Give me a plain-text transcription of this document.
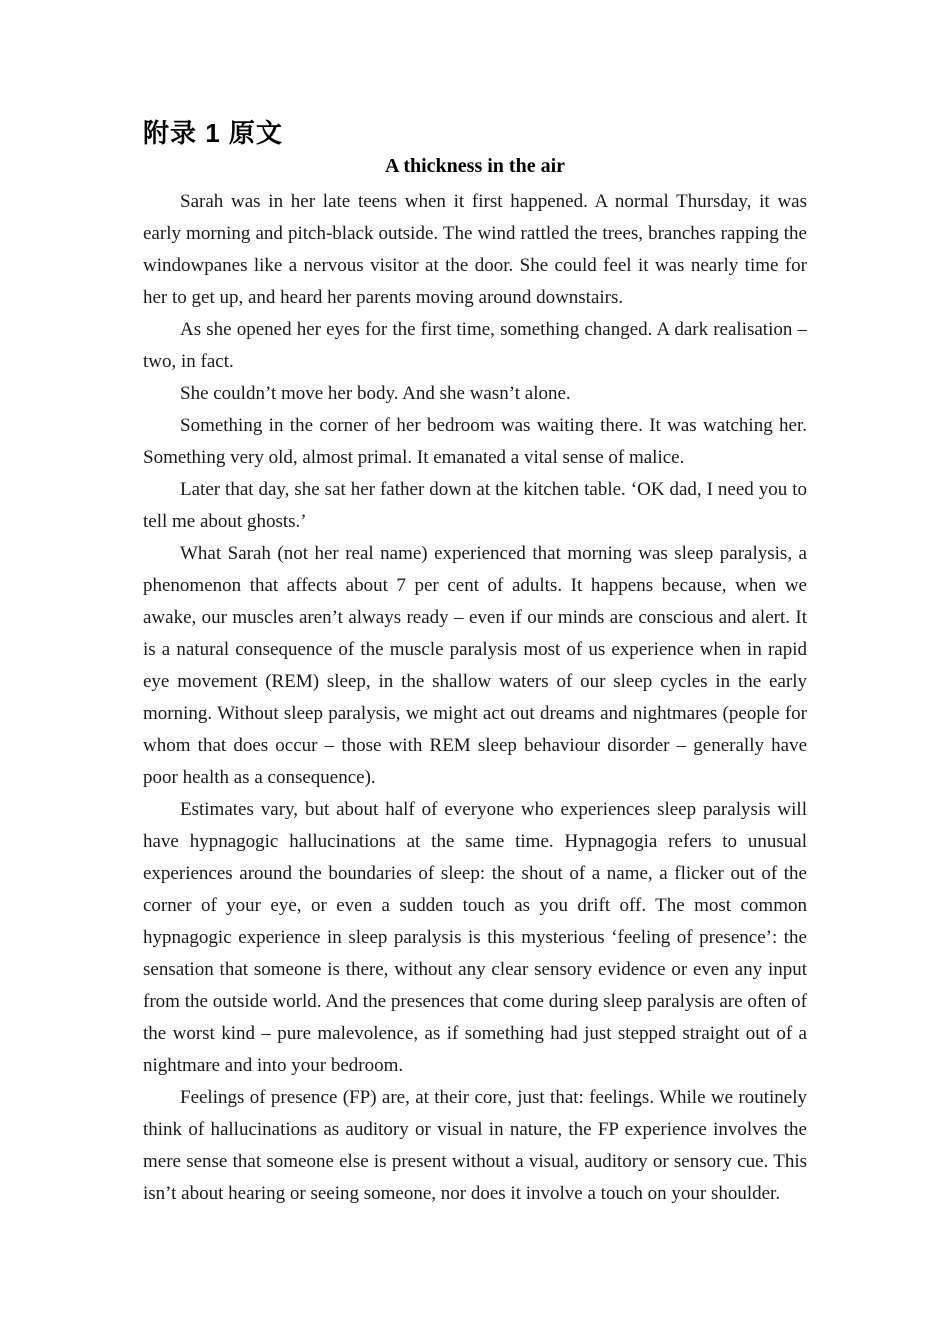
附录 1 原文
A thickness in the air

Sarah was in her late teens when it first happened. A normal Thursday, it was early morning and pitch-black outside. The wind rattled the trees, branches rapping the windowpanes like a nervous visitor at the door. She could feel it was nearly time for her to get up, and heard her parents moving around downstairs.

As she opened her eyes for the first time, something changed. A dark realisation – two, in fact.

She couldn’t move her body. And she wasn’t alone.

Something in the corner of her bedroom was waiting there. It was watching her. Something very old, almost primal. It emanated a vital sense of malice.

Later that day, she sat her father down at the kitchen table. ‘OK dad, I need you to tell me about ghosts.’

What Sarah (not her real name) experienced that morning was sleep paralysis, a phenomenon that affects about 7 per cent of adults. It happens because, when we awake, our muscles aren’t always ready – even if our minds are conscious and alert. It is a natural consequence of the muscle paralysis most of us experience when in rapid eye movement (REM) sleep, in the shallow waters of our sleep cycles in the early morning. Without sleep paralysis, we might act out dreams and nightmares (people for whom that does occur – those with REM sleep behaviour disorder – generally have poor health as a consequence).

Estimates vary, but about half of everyone who experiences sleep paralysis will have hypnagogic hallucinations at the same time. Hypnagogia refers to unusual experiences around the boundaries of sleep: the shout of a name, a flicker out of the corner of your eye, or even a sudden touch as you drift off. The most common hypnagogic experience in sleep paralysis is this mysterious ‘feeling of presence’: the sensation that someone is there, without any clear sensory evidence or even any input from the outside world. And the presences that come during sleep paralysis are often of the worst kind – pure malevolence, as if something had just stepped straight out of a nightmare and into your bedroom.

Feelings of presence (FP) are, at their core, just that: feelings. While we routinely think of hallucinations as auditory or visual in nature, the FP experience involves the mere sense that someone else is present without a visual, auditory or sensory cue. This isn’t about hearing or seeing someone, nor does it involve a touch on your shoulder.
